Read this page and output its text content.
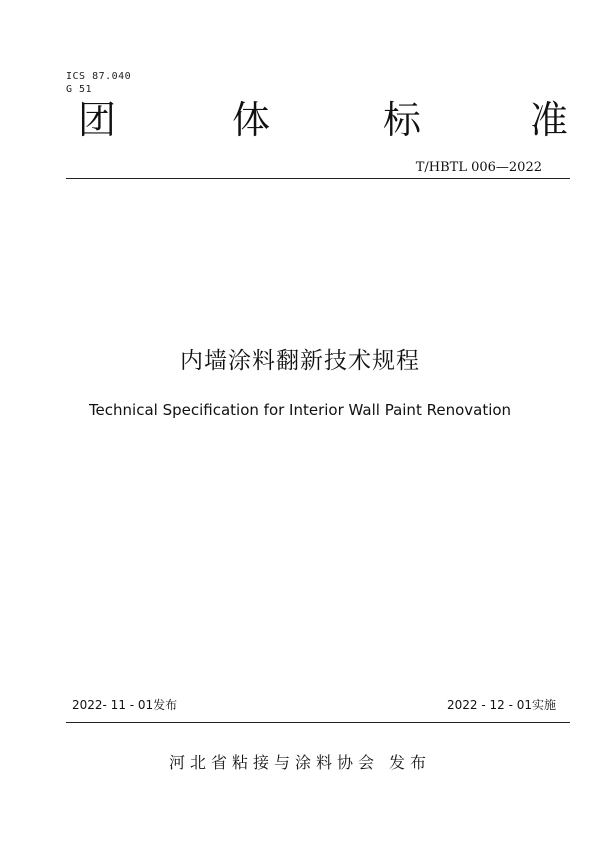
ICS 87.040
G 51
团	体	标	准
T/HBTL 006—2022
内墙涂料翻新技术规程
Technical Specification for Interior Wall Paint Renovation
2022- 11 - 01发布	2022 - 12 - 01实施
河北省粘接与涂料协会 发布
